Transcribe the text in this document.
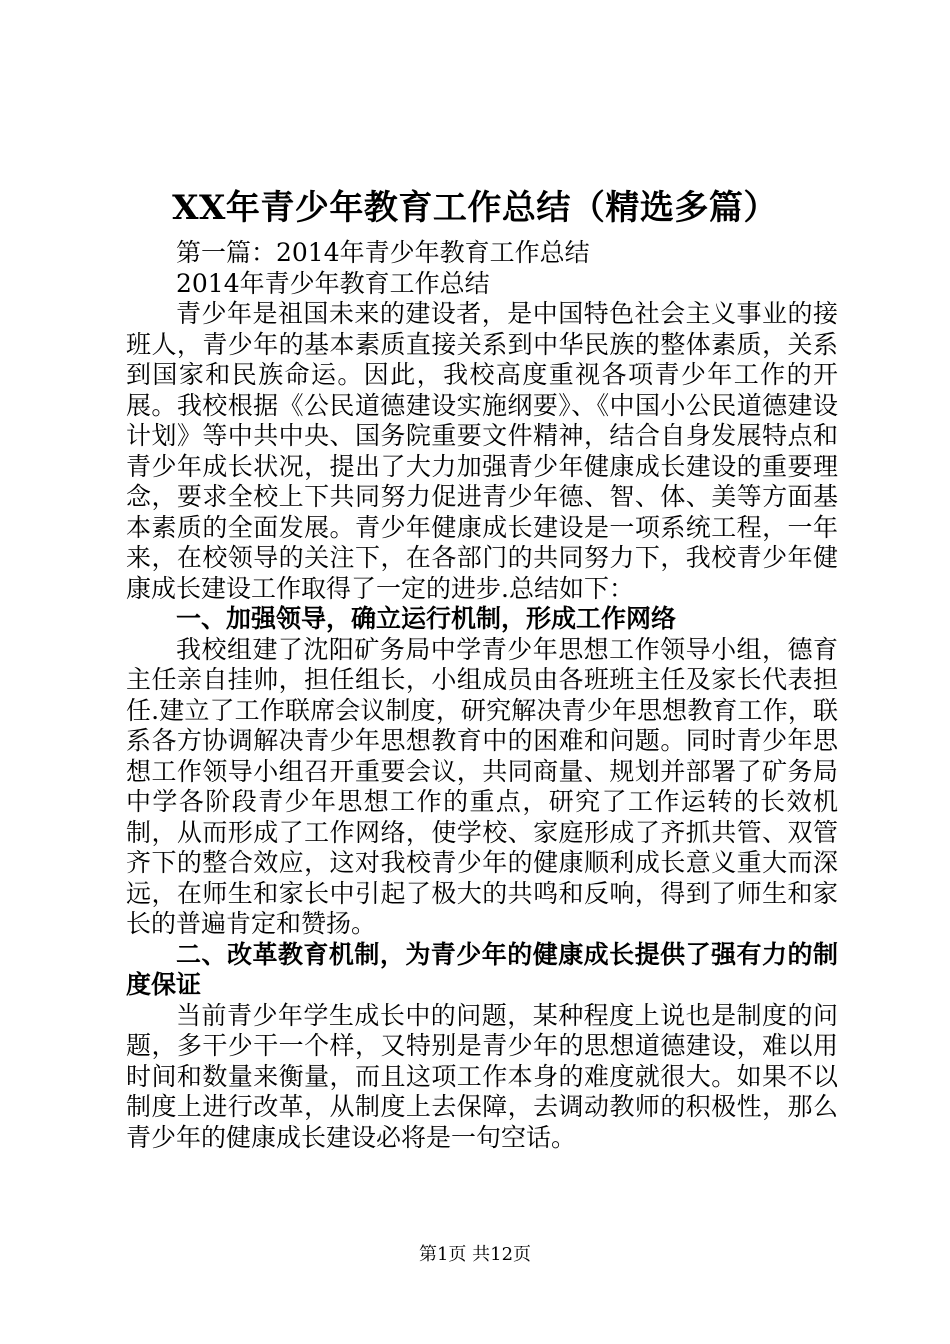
XX年青少年教育工作总结（精选多篇）

第一篇：2014年青少年教育工作总结

2014年青少年教育工作总结

青少年是祖国未来的建设者，是中国特色社会主义事业的接班人，青少年的基本素质直接关系到中华民族的整体素质，关系到国家和民族命运。因此，我校高度重视各项青少年工作的开展。我校根据《公民道德建设实施纲要》、《中国小公民道德建设计划》等中共中央、国务院重要文件精神，结合自身发展特点和青少年成长状况，提出了大力加强青少年健康成长建设的重要理念，要求全校上下共同努力促进青少年德、智、体、美等方面基本素质的全面发展。青少年健康成长建设是一项系统工程，一年来，在校领导的关注下，在各部门的共同努力下，我校青少年健康成长建设工作取得了一定的进步.总结如下：

一、加强领导，确立运行机制，形成工作网络

我校组建了沈阳矿务局中学青少年思想工作领导小组，德育主任亲自挂帅，担任组长，小组成员由各班班主任及家长代表担任.建立了工作联席会议制度，研究解决青少年思想教育工作，联系各方协调解决青少年思想教育中的困难和问题。同时青少年思想工作领导小组召开重要会议，共同商量、规划并部署了矿务局中学各阶段青少年思想工作的重点，研究了工作运转的长效机制，从而形成了工作网络，使学校、家庭形成了齐抓共管、双管齐下的整合效应，这对我校青少年的健康顺利成长意义重大而深远，在师生和家长中引起了极大的共鸣和反响，得到了师生和家长的普遍肯定和赞扬。

二、改革教育机制，为青少年的健康成长提供了强有力的制度保证

当前青少年学生成长中的问题，某种程度上说也是制度的问题，多干少干一个样，又特别是青少年的思想道德建设，难以用时间和数量来衡量，而且这项工作本身的难度就很大。如果不以制度上进行改革，从制度上去保障，去调动教师的积极性，那么青少年的健康成长建设必将是一句空话。

第1页 共12页
